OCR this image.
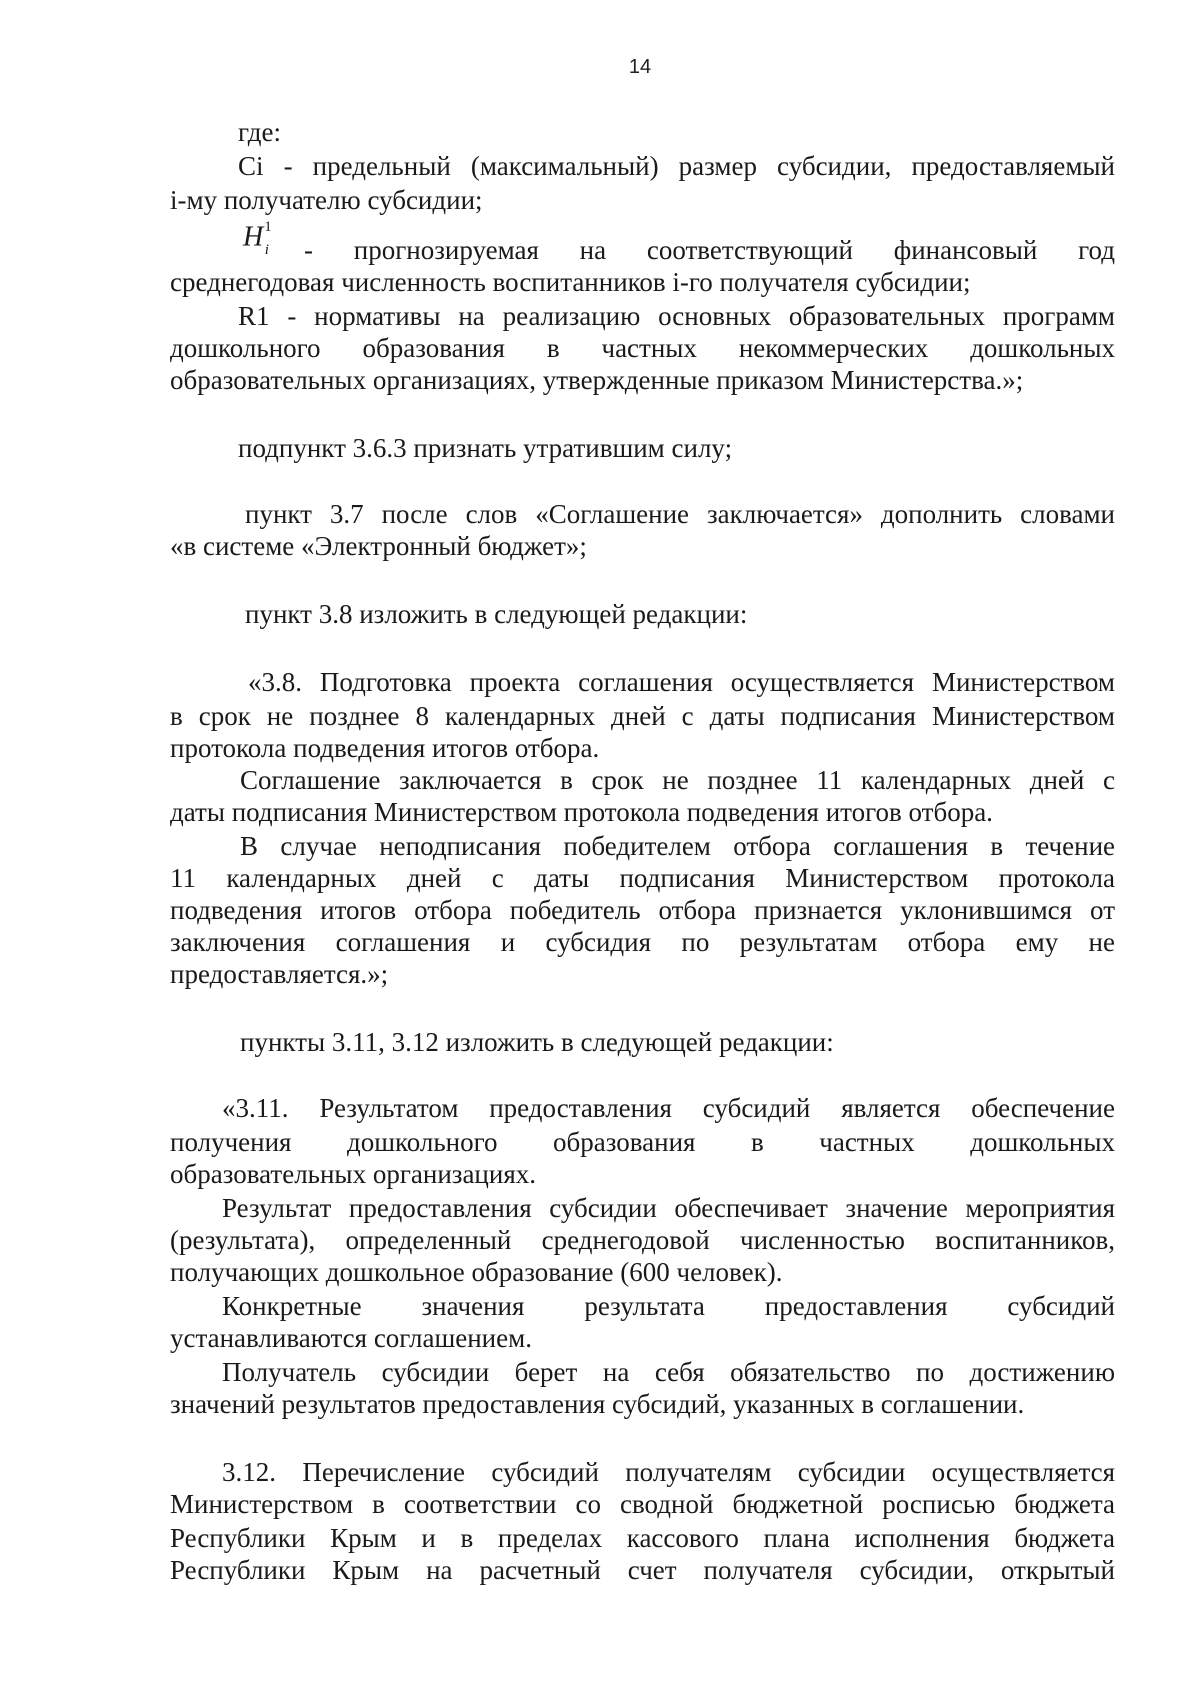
14
где:
Ci - предельный (максимальный) размер субсидии, предоставляемый
i-му получателю субсидии;
$H^1_i$ - прогнозируемая на соответствующий финансовый год
среднегодовая численность воспитанников i-го получателя субсидии;
R1 - нормативы на реализацию основных образовательных программ
дошкольного образования в частных некоммерческих дошкольных
образовательных организациях, утвержденные приказом Министерства.»;
подпункт 3.6.3 признать утратившим силу;
пункт 3.7 после слов «Соглашение заключается» дополнить словами
«в системе «Электронный бюджет»;
пункт 3.8 изложить в следующей редакции:
«3.8. Подготовка проекта соглашения осуществляется Министерством
в срок не позднее 8 календарных дней с даты подписания Министерством
протокола подведения итогов отбора.
Соглашение заключается в срок не позднее 11 календарных дней с
даты подписания Министерством протокола подведения итогов отбора.
В случае неподписания победителем отбора соглашения в течение
11 календарных дней с даты подписания Министерством протокола
подведения итогов отбора победитель отбора признается уклонившимся от
заключения соглашения и субсидия по результатам отбора ему не
предоставляется.»;
пункты 3.11, 3.12 изложить в следующей редакции:
«3.11. Результатом предоставления субсидий является обеспечение
получения дошкольного образования в частных дошкольных
образовательных организациях.
Результат предоставления субсидии обеспечивает значение мероприятия
(результата), определенный среднегодовой численностью воспитанников,
получающих дошкольное образование (600 человек).
Конкретные значения результата предоставления субсидий
устанавливаются соглашением.
Получатель субсидии берет на себя обязательство по достижению
значений результатов предоставления субсидий, указанных в соглашении.
3.12. Перечисление субсидий получателям субсидии осуществляется
Министерством в соответствии со сводной бюджетной росписью бюджета
Республики Крым и в пределах кассового плана исполнения бюджета
Республики Крым на расчетный счет получателя субсидии, открытый
